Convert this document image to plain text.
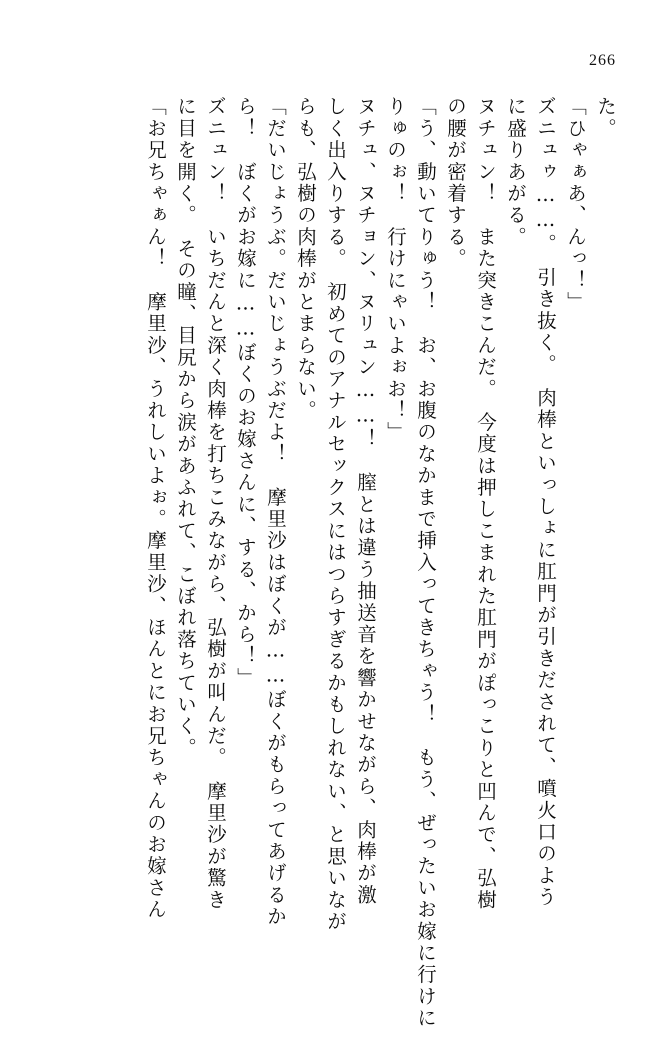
266
た。
「ひゃぁあ、んっ！」
ズニュゥ……。　引き抜く。　肉棒といっしょに肛門が引きだされて、噴火口のよう
に盛りあがる。
ヌチュン！　また突きこんだ。　今度は押しこまれた肛門がぽっこりと凹んで、弘樹
の腰が密着する。
「う、動いてりゅう！　お、お腹のなかまで挿入ってきちゃう！　もう、ぜったいお嫁に行けに
りゅのぉ！　行けにゃいよぉお！」
ヌチュ、ヌチョン、ヌリュン……！　膣とは違う抽送音を響かせながら、肉棒が激
しく出入りする。　初めてのアナルセックスにはつらすぎるかもしれない、と思いなが
らも、弘樹の肉棒がとまらない。
「だいじょうぶ。だいじょうぶだよ！　摩里沙はぼくが……ぼくがもらってあげるか
ら！　ぼくがお嫁に……ぼくのお嫁さんに、する、から！」
ズニュン！　いちだんと深く肉棒を打ちこみながら、弘樹が叫んだ。　摩里沙が驚き
に目を開く。　その瞳、目尻から涙があふれて、こぼれ落ちていく。
「お兄ちゃぁん！　摩里沙、うれしいよぉ。摩里沙、ほんとにお兄ちゃんのお嫁さん
